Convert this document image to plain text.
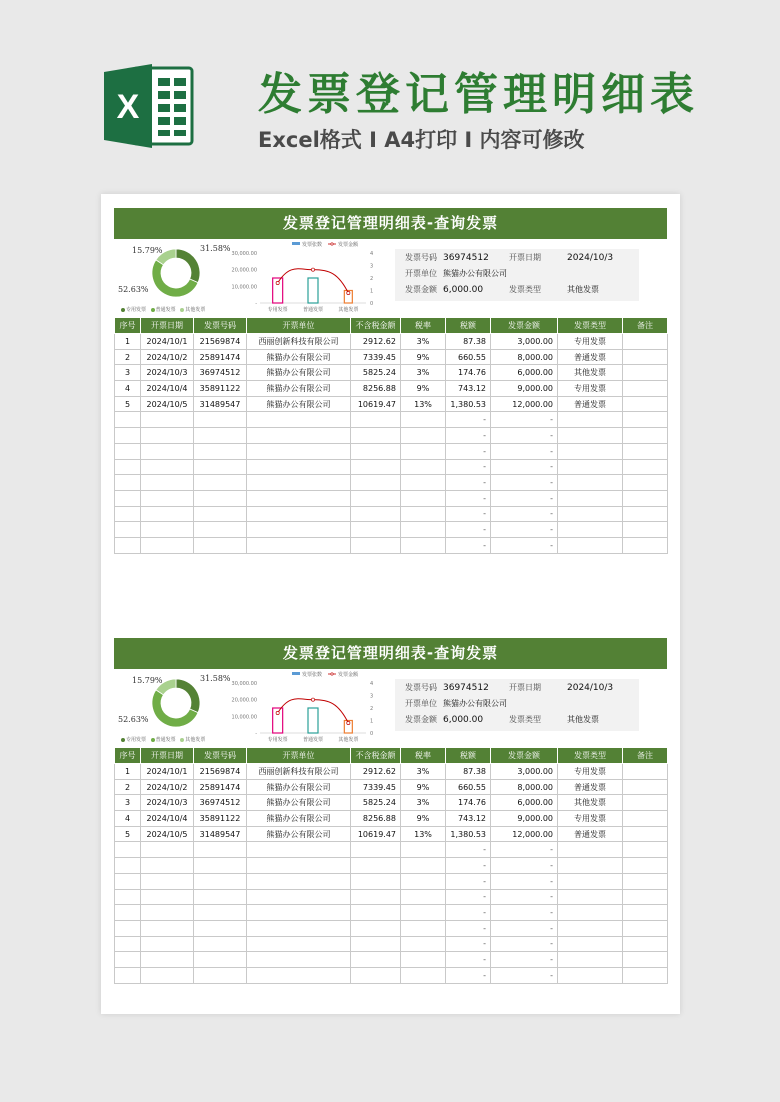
X	发票登记管理明细表
Excel格式 I A4打印 I 内容可修改
发票登记管理明细表-查询发票
15.79%	31.58%
52.63%
专用发票 普通发票 其他发票
发票张数	发票金额
30,000.00
20,000.00
10,000.00
-
4
3
2
1
0
专用发票	普通发票	其他发票
发票号码 36974512	开票日期	2024/10/3
开票单位 熊猫办公有限公司
发票金额 6,000.00	发票类型	其他发票
序号	开票日期	发票号码	开票单位	不含税金额	税率	税额	发票金额	发票类型	备注
1	2024/10/1	21569874	西丽创新科技有限公司	2912.62	3%	87.38	3,000.00	专用发票	
2	2024/10/2	25891474	熊猫办公有限公司	7339.45	9%	660.55	8,000.00	普通发票	
3	2024/10/3	36974512	熊猫办公有限公司	5825.24	3%	174.76	6,000.00	其他发票	
4	2024/10/4	35891122	熊猫办公有限公司	8256.88	9%	743.12	9,000.00	专用发票	
5	2024/10/5	31489547	熊猫办公有限公司	10619.47	13%	1,380.53	12,000.00	普通发票	
						-	-		
						-	-		
						-	-		
						-	-		
						-	-		
						-	-		
						-	-		
						-	-		
						-	-		
发票登记管理明细表-查询发票
15.79%	31.58%
52.63%
专用发票 普通发票 其他发票
发票张数	发票金额
30,000.00
20,000.00
10,000.00
-
4
3
2
1
0
专用发票	普通发票	其他发票
发票号码 36974512	开票日期	2024/10/3
开票单位 熊猫办公有限公司
发票金额 6,000.00	发票类型	其他发票
序号	开票日期	发票号码	开票单位	不含税金额	税率	税额	发票金额	发票类型	备注
1	2024/10/1	21569874	西丽创新科技有限公司	2912.62	3%	87.38	3,000.00	专用发票	
2	2024/10/2	25891474	熊猫办公有限公司	7339.45	9%	660.55	8,000.00	普通发票	
3	2024/10/3	36974512	熊猫办公有限公司	5825.24	3%	174.76	6,000.00	其他发票	
4	2024/10/4	35891122	熊猫办公有限公司	8256.88	9%	743.12	9,000.00	专用发票	
5	2024/10/5	31489547	熊猫办公有限公司	10619.47	13%	1,380.53	12,000.00	普通发票	
						-	-		
						-	-		
						-	-		
						-	-		
						-	-		
						-	-		
						-	-		
						-	-		
						-	-		
